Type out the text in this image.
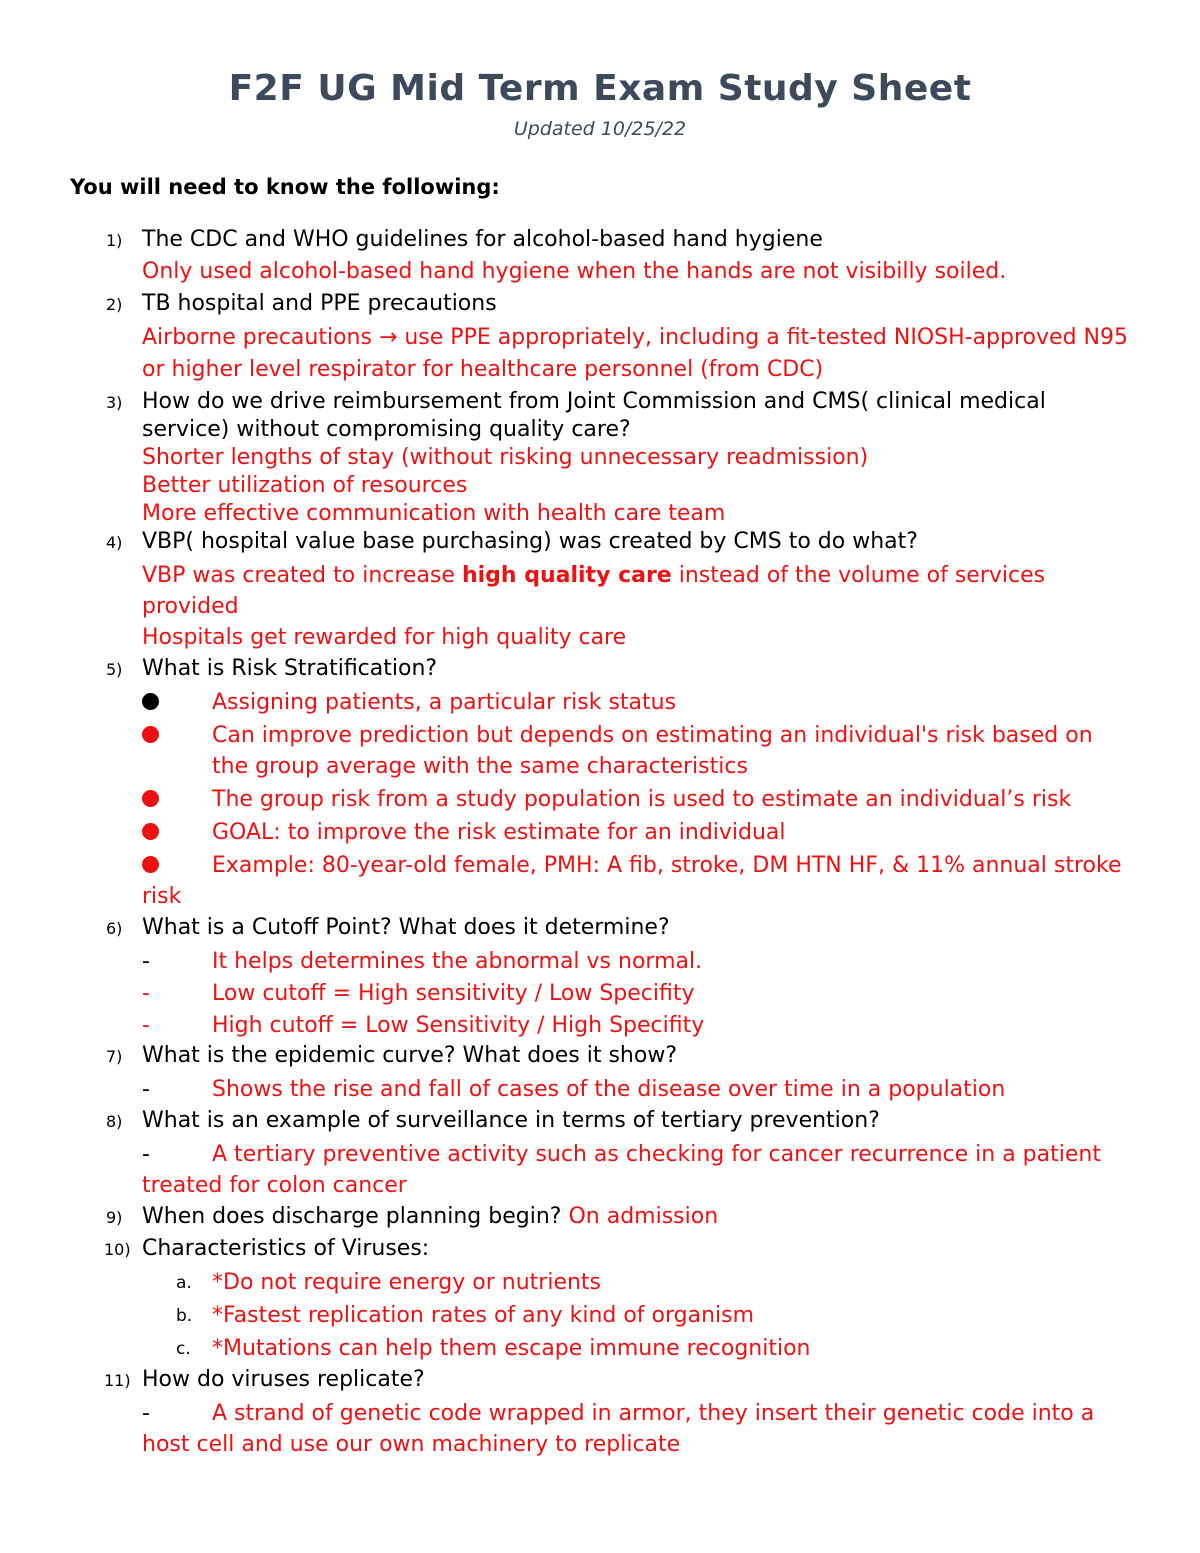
F2F UG Mid Term Exam Study Sheet
Updated 10/25/22
You will need to know the following:
1) The CDC and WHO guidelines for alcohol-based hand hygiene
Only used alcohol-based hand hygiene when the hands are not visibilly soiled.
2) TB hospital and PPE precautions
Airborne precautions → use PPE appropriately, including a fit-tested NIOSH-approved N95 or higher level respirator for healthcare personnel (from CDC)
3) How do we drive reimbursement from Joint Commission and CMS( clinical medical service) without compromising quality care?
Shorter lengths of stay (without risking unnecessary readmission)
Better utilization of resources
More effective communication with health care team
4) VBP( hospital value base purchasing) was created by CMS to do what?
VBP was created to increase high quality care instead of the volume of services provided
Hospitals get rewarded for high quality care
5) What is Risk Stratification?
Assigning patients, a particular risk status
Can improve prediction but depends on estimating an individual's risk based on the group average with the same characteristics
The group risk from a study population is used to estimate an individual’s risk
GOAL: to improve the risk estimate for an individual
Example: 80-year-old female, PMH: A fib, stroke, DM HTN HF, & 11% annual stroke risk
6) What is a Cutoff Point? What does it determine?
-	It helps determines the abnormal vs normal.
-	Low cutoff = High sensitivity / Low Specifity
-	High cutoff = Low Sensitivity / High Specifity
7) What is the epidemic curve? What does it show?
-	Shows the rise and fall of cases of the disease over time in a population
8) What is an example of surveillance in terms of tertiary prevention?
-	A tertiary preventive activity such as checking for cancer recurrence in a patient treated for colon cancer
9) When does discharge planning begin? On admission
10) Characteristics of Viruses:
a. *Do not require energy or nutrients
b. *Fastest replication rates of any kind of organism
c. *Mutations can help them escape immune recognition
11) How do viruses replicate?
-	A strand of genetic code wrapped in armor, they insert their genetic code into a host cell and use our own machinery to replicate
